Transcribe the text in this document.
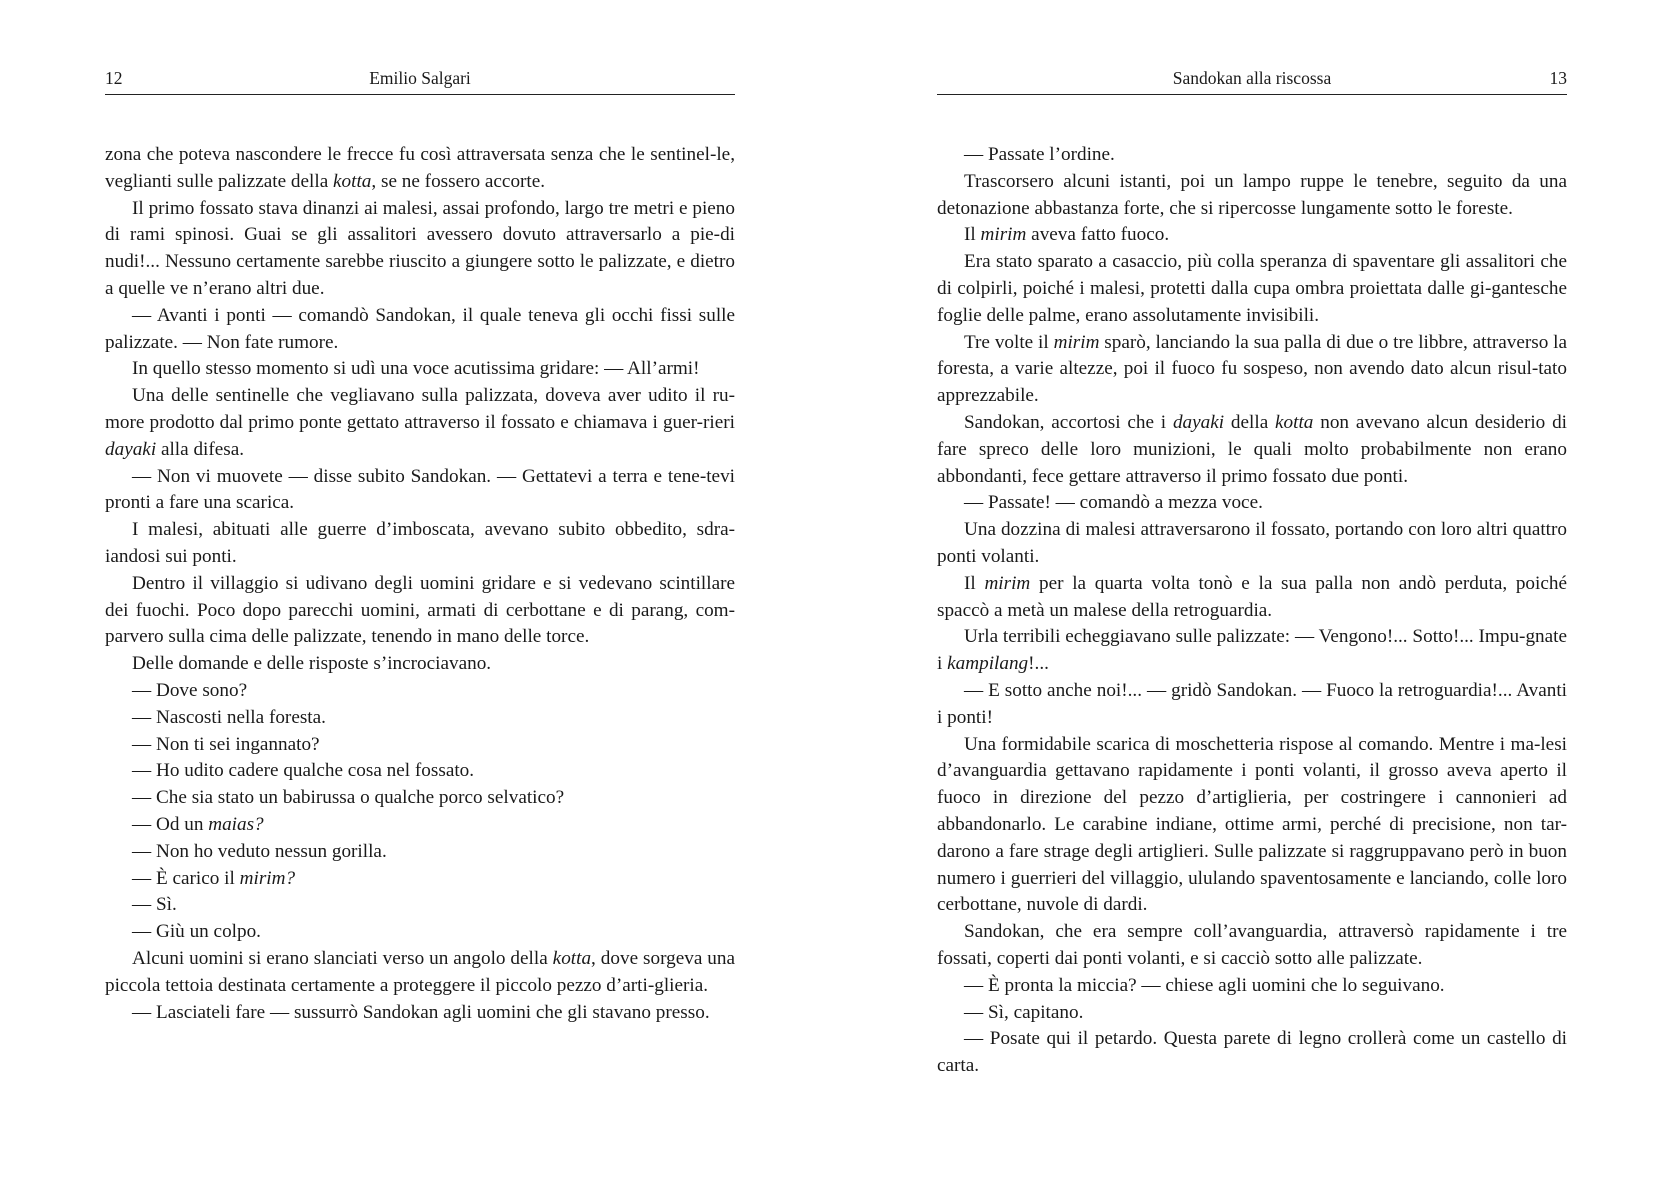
12	Emilio Salgari

zona che poteva nascondere le frecce fu così attraversata senza che le sentinel-le, veglianti sulle palizzate della kotta, se ne fossero accorte.

Il primo fossato stava dinanzi ai malesi, assai profondo, largo tre metri e pieno di rami spinosi. Guai se gli assalitori avessero dovuto attraversarlo a pie-di nudi!... Nessuno certamente sarebbe riuscito a giungere sotto le palizzate, e dietro a quelle ve n’erano altri due.

— Avanti i ponti — comandò Sandokan, il quale teneva gli occhi fissi sulle palizzate. — Non fate rumore.

In quello stesso momento si udì una voce acutissima gridare: — All’armi!

Una delle sentinelle che vegliavano sulla palizzata, doveva aver udito il ru-more prodotto dal primo ponte gettato attraverso il fossato e chiamava i guer-rieri dayaki alla difesa.

— Non vi muovete — disse subito Sandokan. — Gettatevi a terra e tene-tevi pronti a fare una scarica.

I malesi, abituati alle guerre d’imboscata, avevano subito obbedito, sdra-iandosi sui ponti.

Dentro il villaggio si udivano degli uomini gridare e si vedevano scintillare dei fuochi. Poco dopo parecchi uomini, armati di cerbottane e di parang, com-parvero sulla cima delle palizzate, tenendo in mano delle torce.

Delle domande e delle risposte s’incrociavano.

— Dove sono?

— Nascosti nella foresta.

— Non ti sei ingannato?

— Ho udito cadere qualche cosa nel fossato.

— Che sia stato un babirussa o qualche porco selvatico?

— Od un maias?

— Non ho veduto nessun gorilla.

— È carico il mirim?

— Sì.

— Giù un colpo.

Alcuni uomini si erano slanciati verso un angolo della kotta, dove sorgeva una piccola tettoia destinata certamente a proteggere il piccolo pezzo d’arti-glieria.

— Lasciateli fare — sussurrò Sandokan agli uomini che gli stavano presso.

Sandokan alla riscossa	13

— Passate l’ordine.

Trascorsero alcuni istanti, poi un lampo ruppe le tenebre, seguito da una detonazione abbastanza forte, che si ripercosse lungamente sotto le foreste.

Il mirim aveva fatto fuoco.

Era stato sparato a casaccio, più colla speranza di spaventare gli assalitori che di colpirli, poiché i malesi, protetti dalla cupa ombra proiettata dalle gi-gantesche foglie delle palme, erano assolutamente invisibili.

Tre volte il mirim sparò, lanciando la sua palla di due o tre libbre, attraverso la foresta, a varie altezze, poi il fuoco fu sospeso, non avendo dato alcun risul-tato apprezzabile.

Sandokan, accortosi che i dayaki della kotta non avevano alcun desiderio di fare spreco delle loro munizioni, le quali molto probabilmente non erano abbondanti, fece gettare attraverso il primo fossato due ponti.

— Passate! — comandò a mezza voce.

Una dozzina di malesi attraversarono il fossato, portando con loro altri quattro ponti volanti.

Il mirim per la quarta volta tonò e la sua palla non andò perduta, poiché spaccò a metà un malese della retroguardia.

Urla terribili echeggiavano sulle palizzate: — Vengono!... Sotto!... Impu-gnate i kampilang!...

— E sotto anche noi!... — gridò Sandokan. — Fuoco la retroguardia!... Avanti i ponti!

Una formidabile scarica di moschetteria rispose al comando. Mentre i ma-lesi d’avanguardia gettavano rapidamente i ponti volanti, il grosso aveva aperto il fuoco in direzione del pezzo d’artiglieria, per costringere i cannonieri ad abbandonarlo. Le carabine indiane, ottime armi, perché di precisione, non tar-darono a fare strage degli artiglieri. Sulle palizzate si raggruppavano però in buon numero i guerrieri del villaggio, ululando spaventosamente e lanciando, colle loro cerbottane, nuvole di dardi.

Sandokan, che era sempre coll’avanguardia, attraversò rapidamente i tre fossati, coperti dai ponti volanti, e si cacciò sotto alle palizzate.

— È pronta la miccia? — chiese agli uomini che lo seguivano.

— Sì, capitano.

— Posate qui il petardo. Questa parete di legno crollerà come un castello di carta.
